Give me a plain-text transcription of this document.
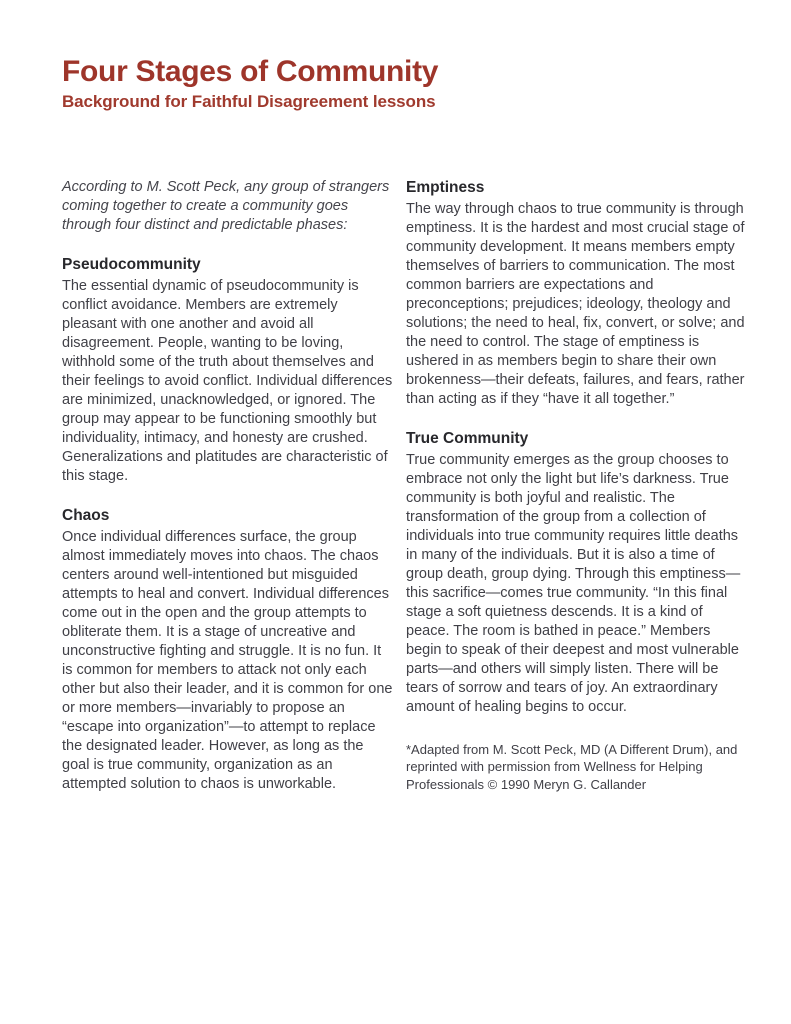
Four Stages of Community
Background for Faithful Disagreement lessons

According to M. Scott Peck, any group of strangers coming together to create a community goes through four distinct and predictable phases:

Pseudocommunity

The essential dynamic of pseudocommunity is conflict avoidance. Members are extremely pleasant with one another and avoid all disagreement. People, wanting to be loving, withhold some of the truth about themselves and their feelings to avoid conflict. Individual differences are minimized, unacknowledged, or ignored. The group may appear to be functioning smoothly but individuality, intimacy, and honesty are crushed. Generalizations and platitudes are characteristic of this stage.

Chaos

Once individual differences surface, the group almost immediately moves into chaos. The chaos centers around well-intentioned but misguided attempts to heal and convert. Individual differences come out in the open and the group attempts to obliterate them. It is a stage of uncreative and unconstructive fighting and struggle. It is no fun. It is common for members to attack not only each other but also their leader, and it is common for one or more members—invariably to propose an “escape into organization”—to attempt to replace the designated leader. However, as long as the goal is true community, organization as an attempted solution to chaos is unworkable.

Emptiness

The way through chaos to true community is through emptiness. It is the hardest and most crucial stage of community development. It means members empty themselves of barriers to communication. The most common barriers are expectations and preconceptions; prejudices; ideology, theology and solutions; the need to heal, fix, convert, or solve; and the need to control. The stage of emptiness is ushered in as members begin to share their own brokenness—their defeats, failures, and fears, rather than acting as if they “have it all together.”

True Community

True community emerges as the group chooses to embrace not only the light but life’s darkness. True community is both joyful and realistic. The transformation of the group from a collection of individuals into true community requires little deaths in many of the individuals. But it is also a time of group death, group dying. Through this emptiness—this sacrifice—comes true community. “In this final stage a soft quietness descends. It is a kind of peace. The room is bathed in peace.” Members begin to speak of their deepest and most vulnerable parts—and others will simply listen. There will be tears of sorrow and tears of joy. An extraordinary amount of healing begins to occur.

*Adapted from M. Scott Peck, MD (A Different Drum), and reprinted with permission from Wellness for Helping Professionals © 1990 Meryn G. Callander
